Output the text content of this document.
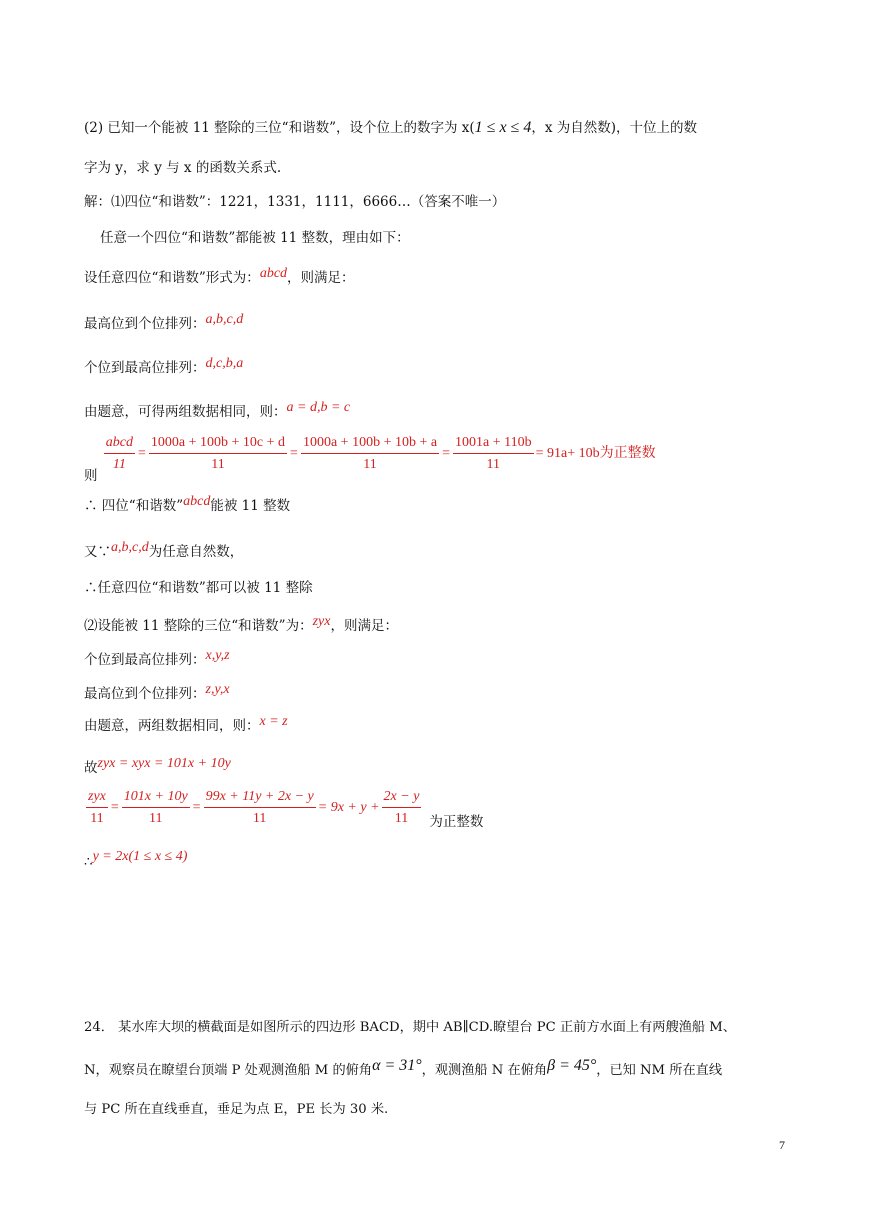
(2) 已知一个能被 11 整除的三位“和谐数”，设个位上的数字为 x(1 ≤ x ≤ 4，x 为自然数)，十位上的数
字为 y，求 y 与 x 的函数关系式.
解：⑴四位“和谐数”：1221，1331，1111，6666…（答案不唯一）
任意一个四位“和谐数”都能被 11 整数，理由如下：
设任意四位“和谐数”形式为：abcd，则满足：
最高位到个位排列：a,b,c,d
个位到最高位排列：d,c,b,a
由题意，可得两组数据相同，则：a = d,b = c
则
$\frac{\text{abcd}}{11} = \frac{1000a + 100b + 10c + d}{11} = \frac{1000a + 100b + 10b + a}{11} = \frac{1001a + 110b}{11} = 91a+ 10b$为正整数
∴ 四位“和谐数”abcd能被 11 整数
又∵a,b,c,d为任意自然数，
∴任意四位“和谐数”都可以被 11 整除
⑵设能被 11 整除的三位“和谐数”为：zyx，则满足：
个位到最高位排列：x,y,z
最高位到个位排列：z,y,x
由题意，两组数据相同，则：x = z
故zyx = xyx = 101x + 10y
$\frac{\text{zyx}}{11} = \frac{101x + 10y}{11} = \frac{99x + 11y + 2x - y}{11} = 9x + y + \frac{2x - y}{11}$ 为正整数
∴y = 2x(1 ≤ x ≤ 4)
24． 某水库大坝的横截面是如图所示的四边形 BACD，期中 AB∥CD.瞭望台 PC 正前方水面上有两艘渔船 M、
N，观察员在瞭望台顶端 P 处观测渔船 M 的俯角α = 31°，观测渔船 N 在俯角β = 45°，已知 NM 所在直线
与 PC 所在直线垂直，垂足为点 E，PE 长为 30 米.
7
